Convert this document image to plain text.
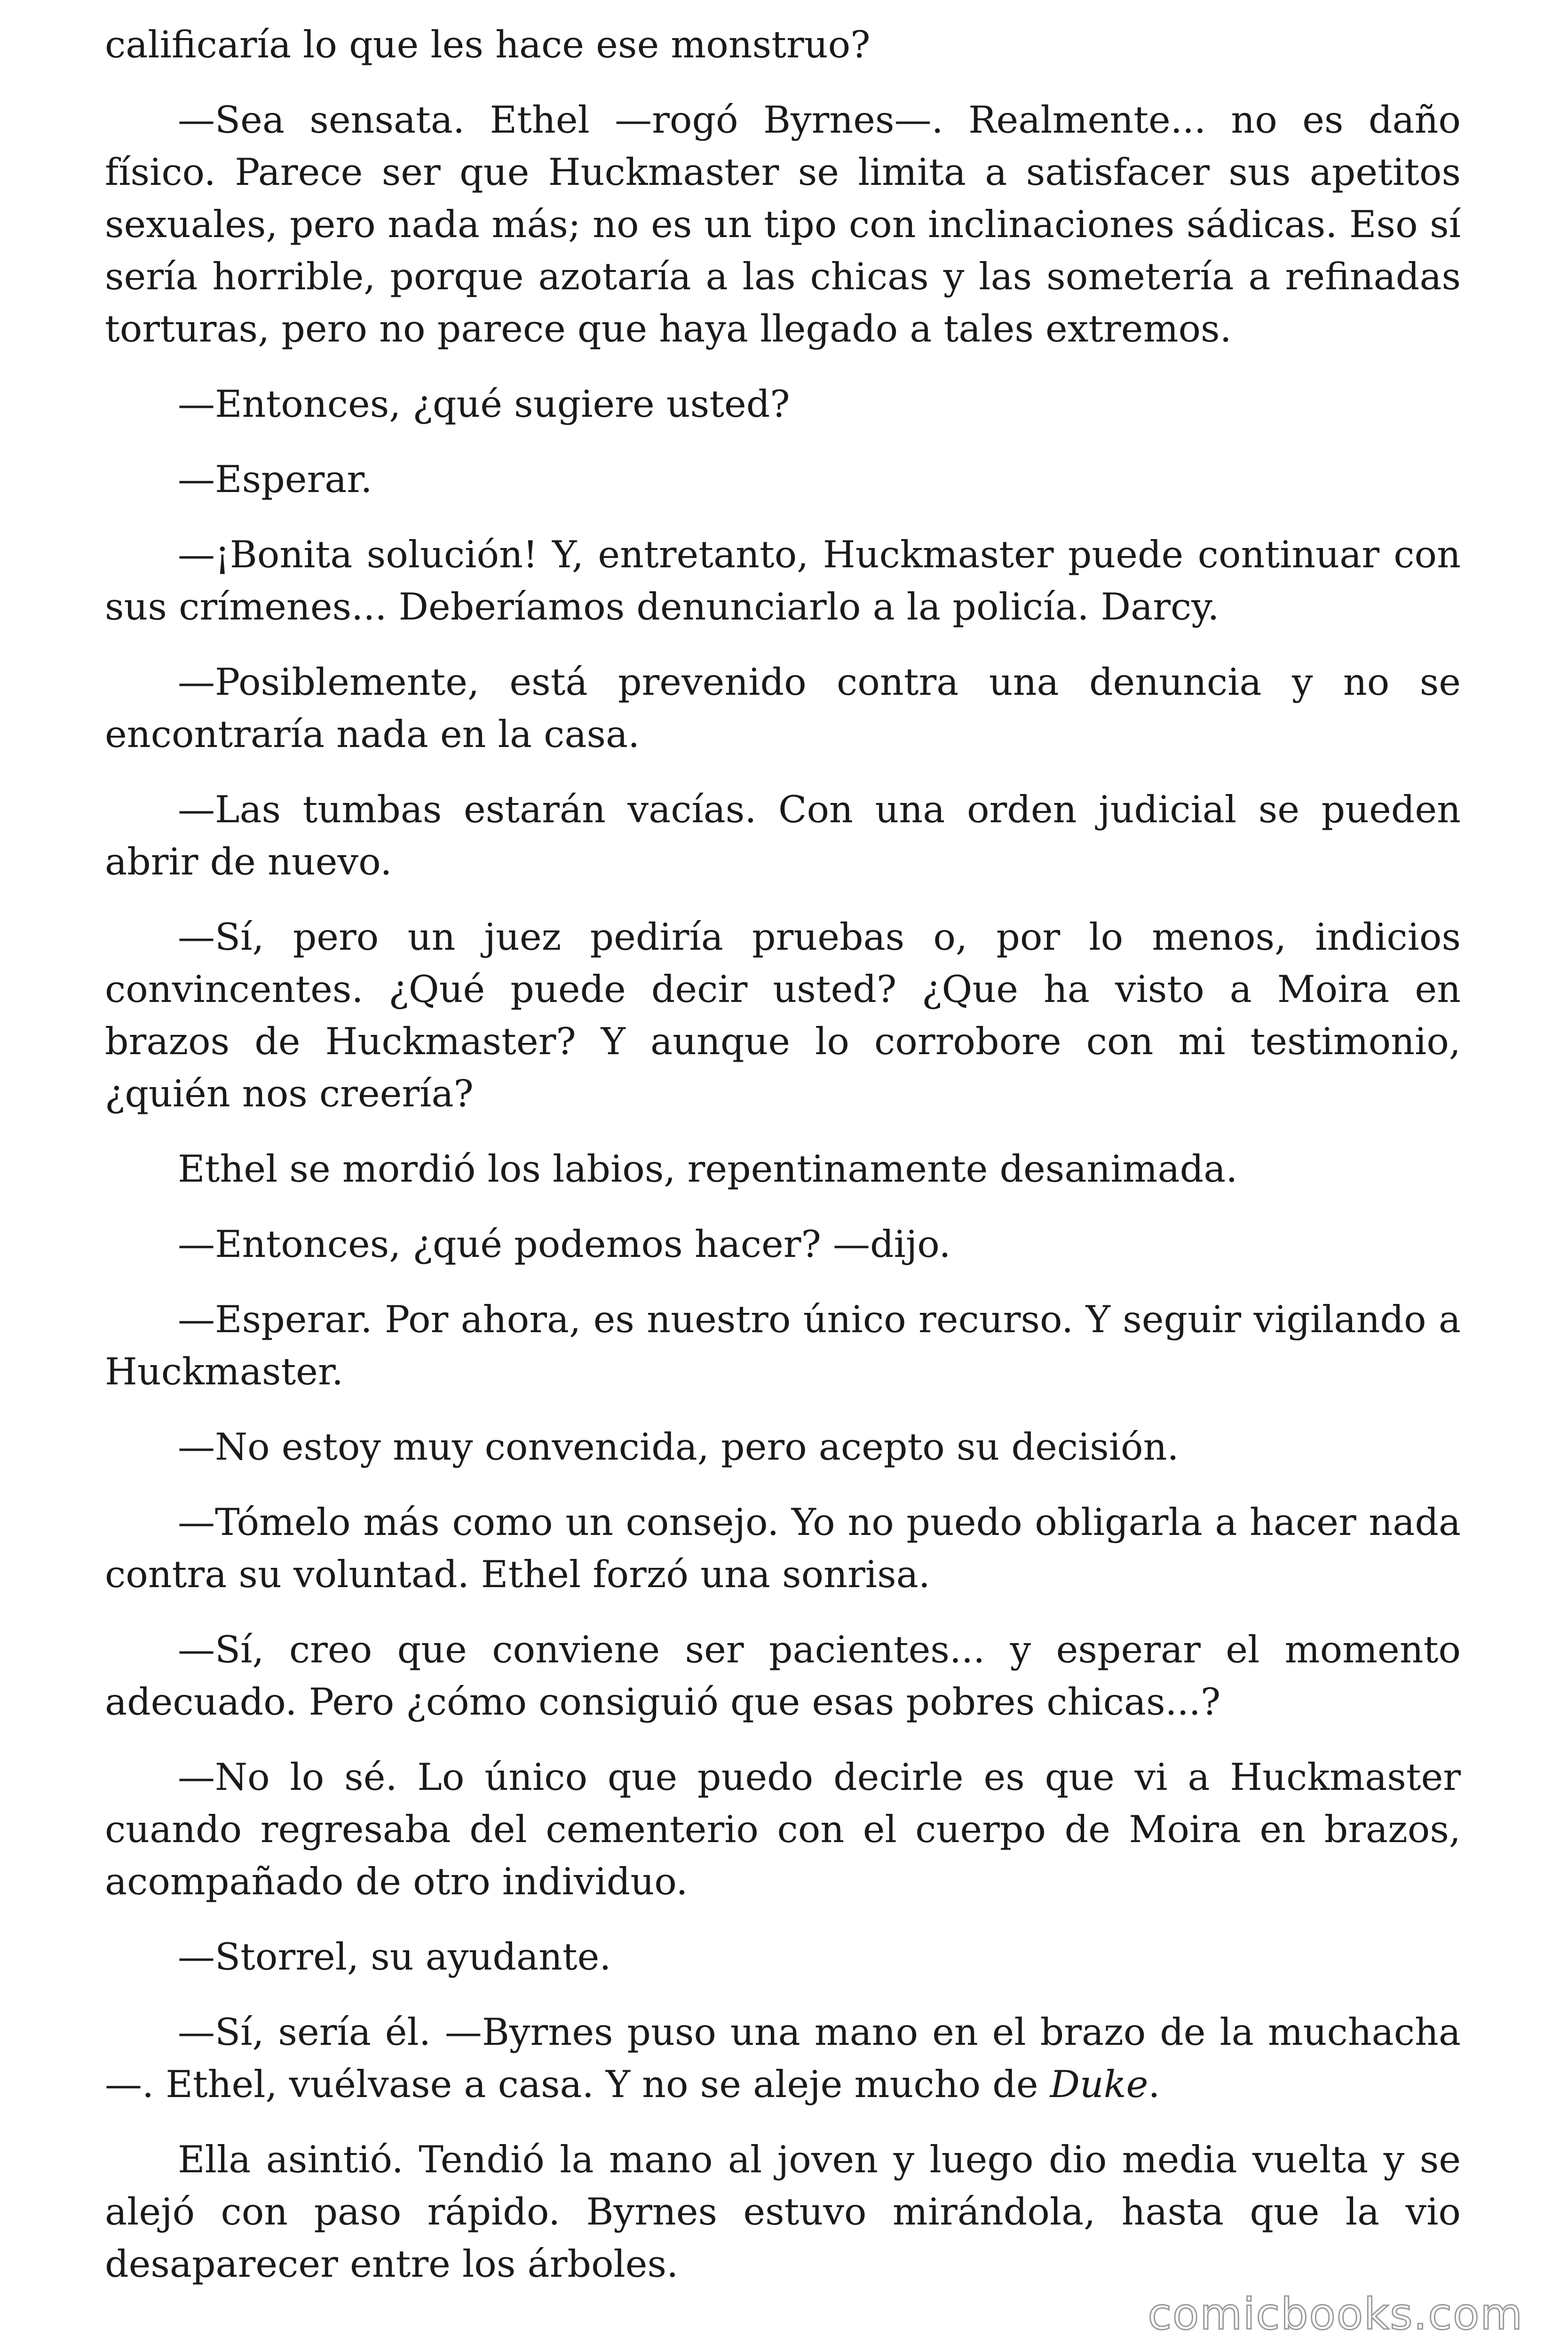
calificaría lo que les hace ese monstruo?

—Sea sensata. Ethel —rogó Byrnes—. Realmente... no es daño físico. Parece ser que Huckmaster se limita a satisfacer sus apetitos sexuales, pero nada más; no es un tipo con inclinaciones sádicas. Eso sí sería horrible, porque azotaría a las chicas y las sometería a refinadas torturas, pero no parece que haya llegado a tales extremos.

—Entonces, ¿qué sugiere usted?

—Esperar.

—¡Bonita solución! Y, entretanto, Huckmaster puede continuar con sus crímenes... Deberíamos denunciarlo a la policía. Darcy.

—Posiblemente, está prevenido contra una denuncia y no se encontraría nada en la casa.

—Las tumbas estarán vacías. Con una orden judicial se pueden abrir de nuevo.

—Sí, pero un juez pediría pruebas o, por lo menos, indicios convincentes. ¿Qué puede decir usted? ¿Que ha visto a Moira en brazos de Huckmaster? Y aunque lo corrobore con mi testimonio, ¿quién nos creería?

Ethel se mordió los labios, repentinamente desanimada.

—Entonces, ¿qué podemos hacer? —dijo.

—Esperar. Por ahora, es nuestro único recurso. Y seguir vigilando a Huckmaster.

—No estoy muy convencida, pero acepto su decisión.

—Tómelo más como un consejo. Yo no puedo obligarla a hacer nada contra su voluntad. Ethel forzó una sonrisa.

—Sí, creo que conviene ser pacientes... y esperar el momento adecuado. Pero ¿cómo consiguió que esas pobres chicas...?

—No lo sé. Lo único que puedo decirle es que vi a Huckmaster cuando regresaba del cementerio con el cuerpo de Moira en brazos, acompañado de otro individuo.

—Storrel, su ayudante.

—Sí, sería él. —Byrnes puso una mano en el brazo de la muchacha —. Ethel, vuélvase a casa. Y no se aleje mucho de Duke.

Ella asintió. Tendió la mano al joven y luego dio media vuelta y se alejó con paso rápido. Byrnes estuvo mirándola, hasta que la vio desaparecer entre los árboles.

comicbooks.com
